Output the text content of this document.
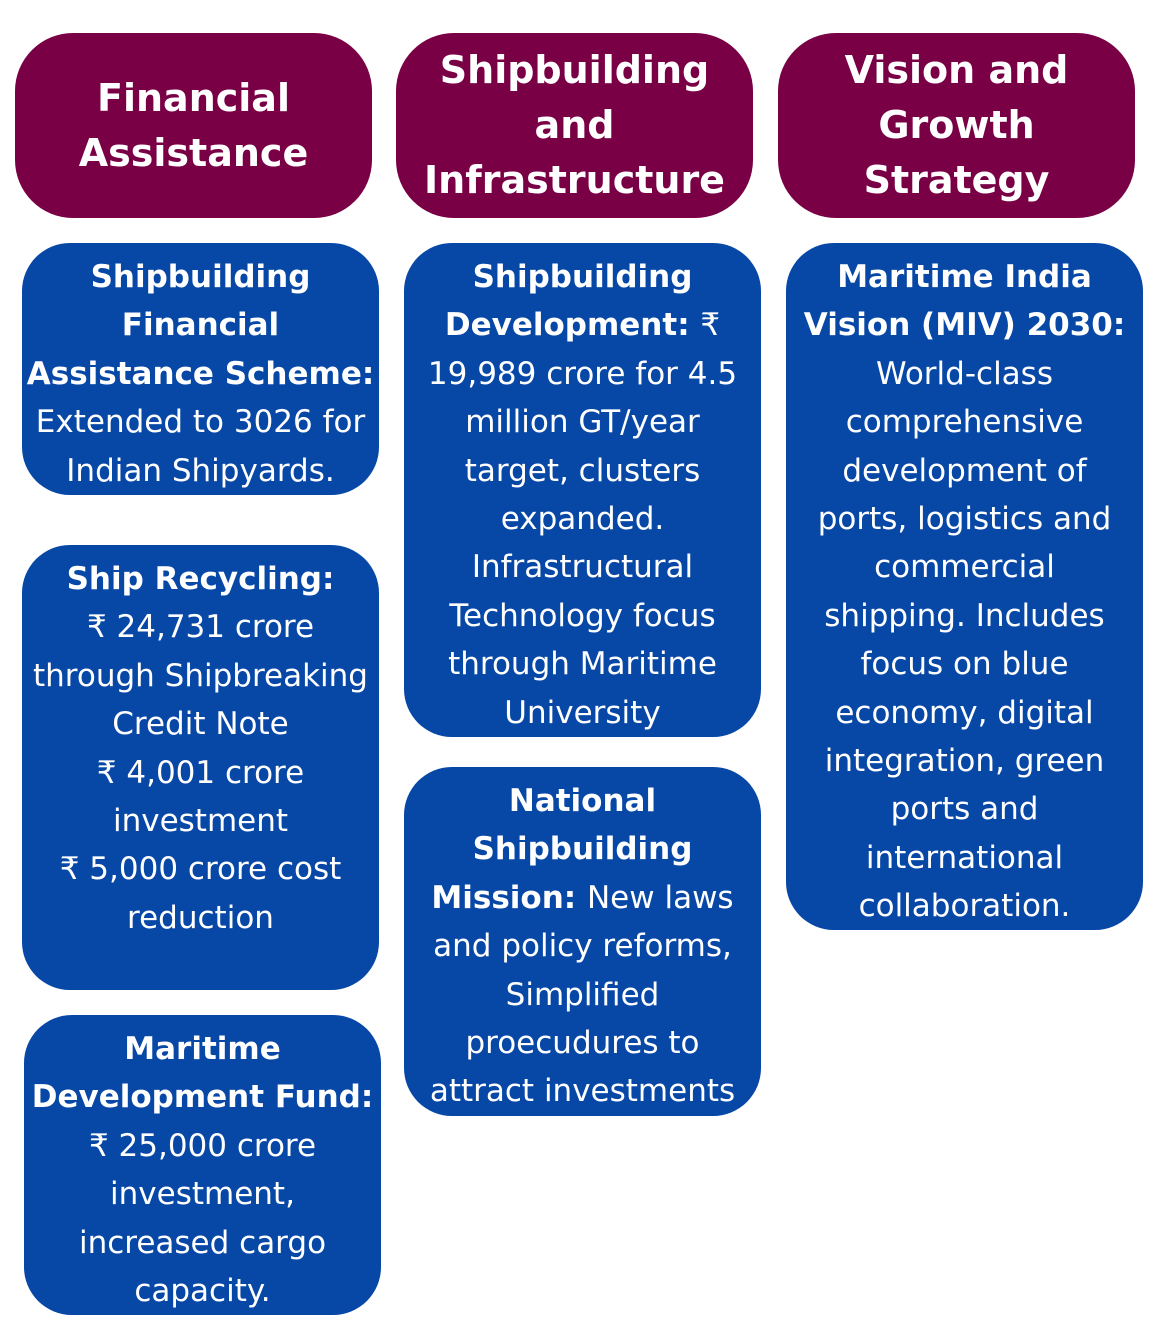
Financial Assistance
Shipbuilding and Infrastructure
Vision and Growth Strategy
Shipbuilding Financial Assistance Scheme: Extended to 3026 for Indian Shipyards.
Ship Recycling:
₹ 24,731 crore through Shipbreaking Credit Note
₹ 4,001 crore investment
₹ 5,000 crore cost reduction
Maritime Development Fund:
₹ 25,000 crore investment, increased cargo capacity.
Shipbuilding Development: ₹ 19,989 crore for 4.5 million GT/year target, clusters expanded. Infrastructural Technology focus through Maritime University
National Shipbuilding Mission: New laws and policy reforms, Simplified proecudures to attract investments
Maritime India Vision (MIV) 2030: World-class comprehensive development of ports, logistics and commercial shipping. Includes focus on blue economy, digital integration, green ports and international collaboration.
